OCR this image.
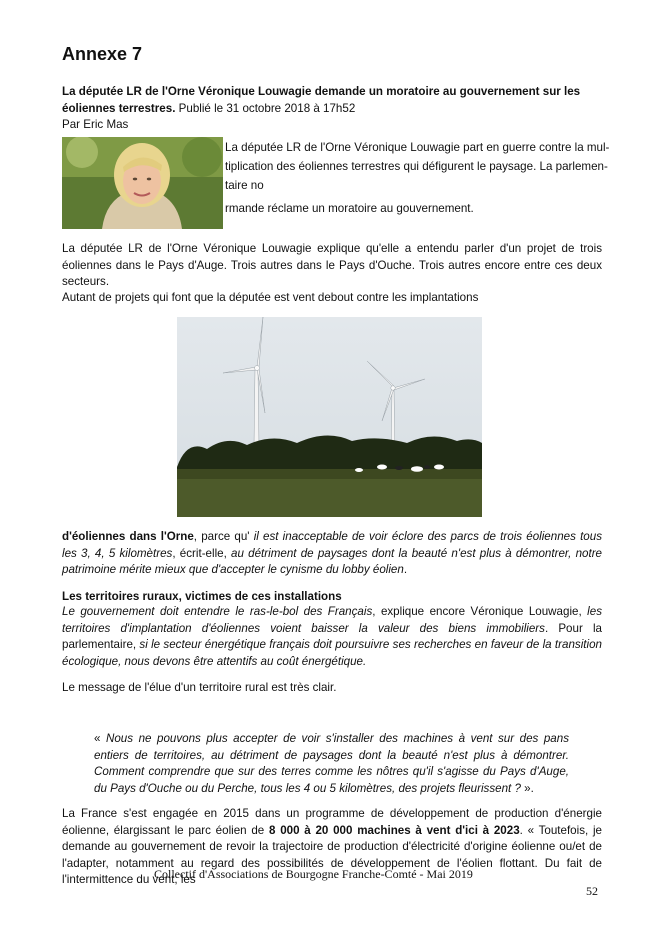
Annexe 7
La députée LR de l'Orne Véronique Louwagie demande un moratoire au gouvernement sur les éoliennes terrestres. Publié le 31 octobre 2018 à 17h52
Par Eric Mas
La députée LR de l'Orne Véronique Louwagie part en guerre contre la mul-
tiplication des éoliennes terrestres qui défigurent le paysage. La parlemen-
taire no
rmande réclame un moratoire au gouvernement.
La députée LR de l'Orne Véronique Louwagie explique qu'elle a entendu parler d'un projet de trois éoliennes dans le Pays d'Auge. Trois autres dans le Pays d'Ouche. Trois autres encore entre ces deux secteurs.
Autant de projets qui font que la députée est vent debout contre les implantations
d'éoliennes dans l'Orne, parce qu' il est inacceptable de voir éclore des parcs de trois éoliennes tous les 3, 4, 5 kilomètres, écrit-elle, au détriment de paysages dont la beauté n'est plus à démontrer, notre patrimoine mérite mieux que d'accepter le cynisme du lobby éolien.
Les territoires ruraux, victimes de ces installations
Le gouvernement doit entendre le ras-le-bol des Français, explique encore Véronique Louwagie, les territoires d'implantation d'éoliennes voient baisser la valeur des biens immobiliers. Pour la parlementaire, si le secteur énergétique français doit poursuivre ses recherches en faveur de la transition écologique, nous devons être attentifs au coût énergétique.
Le message de l'élue d'un territoire rural est très clair.
« Nous ne pouvons plus accepter de voir s'installer des machines à vent sur des pans entiers de territoires, au détriment de paysages dont la beauté n'est plus à démontrer. Comment comprendre que sur des terres comme les nôtres qu'il s'agisse du Pays d'Auge, du Pays d'Ouche ou du Perche, tous les 4 ou 5 kilomètres, des projets fleurissent ? ».
La France s'est engagée en 2015 dans un programme de développement de production d'énergie éolienne, élargissant le parc éolien de 8 000 à 20 000 machines à vent d'ici à 2023. « Toutefois, je demande au gouvernement de revoir la trajectoire de production d'électricité d'origine éolienne ou/et de l'adapter, notamment au regard des possibilités de développement de l'éolien flottant. Du fait de l'intermittence du vent, les
Collectif d'Associations de Bourgogne Franche-Comté - Mai 2019
52
